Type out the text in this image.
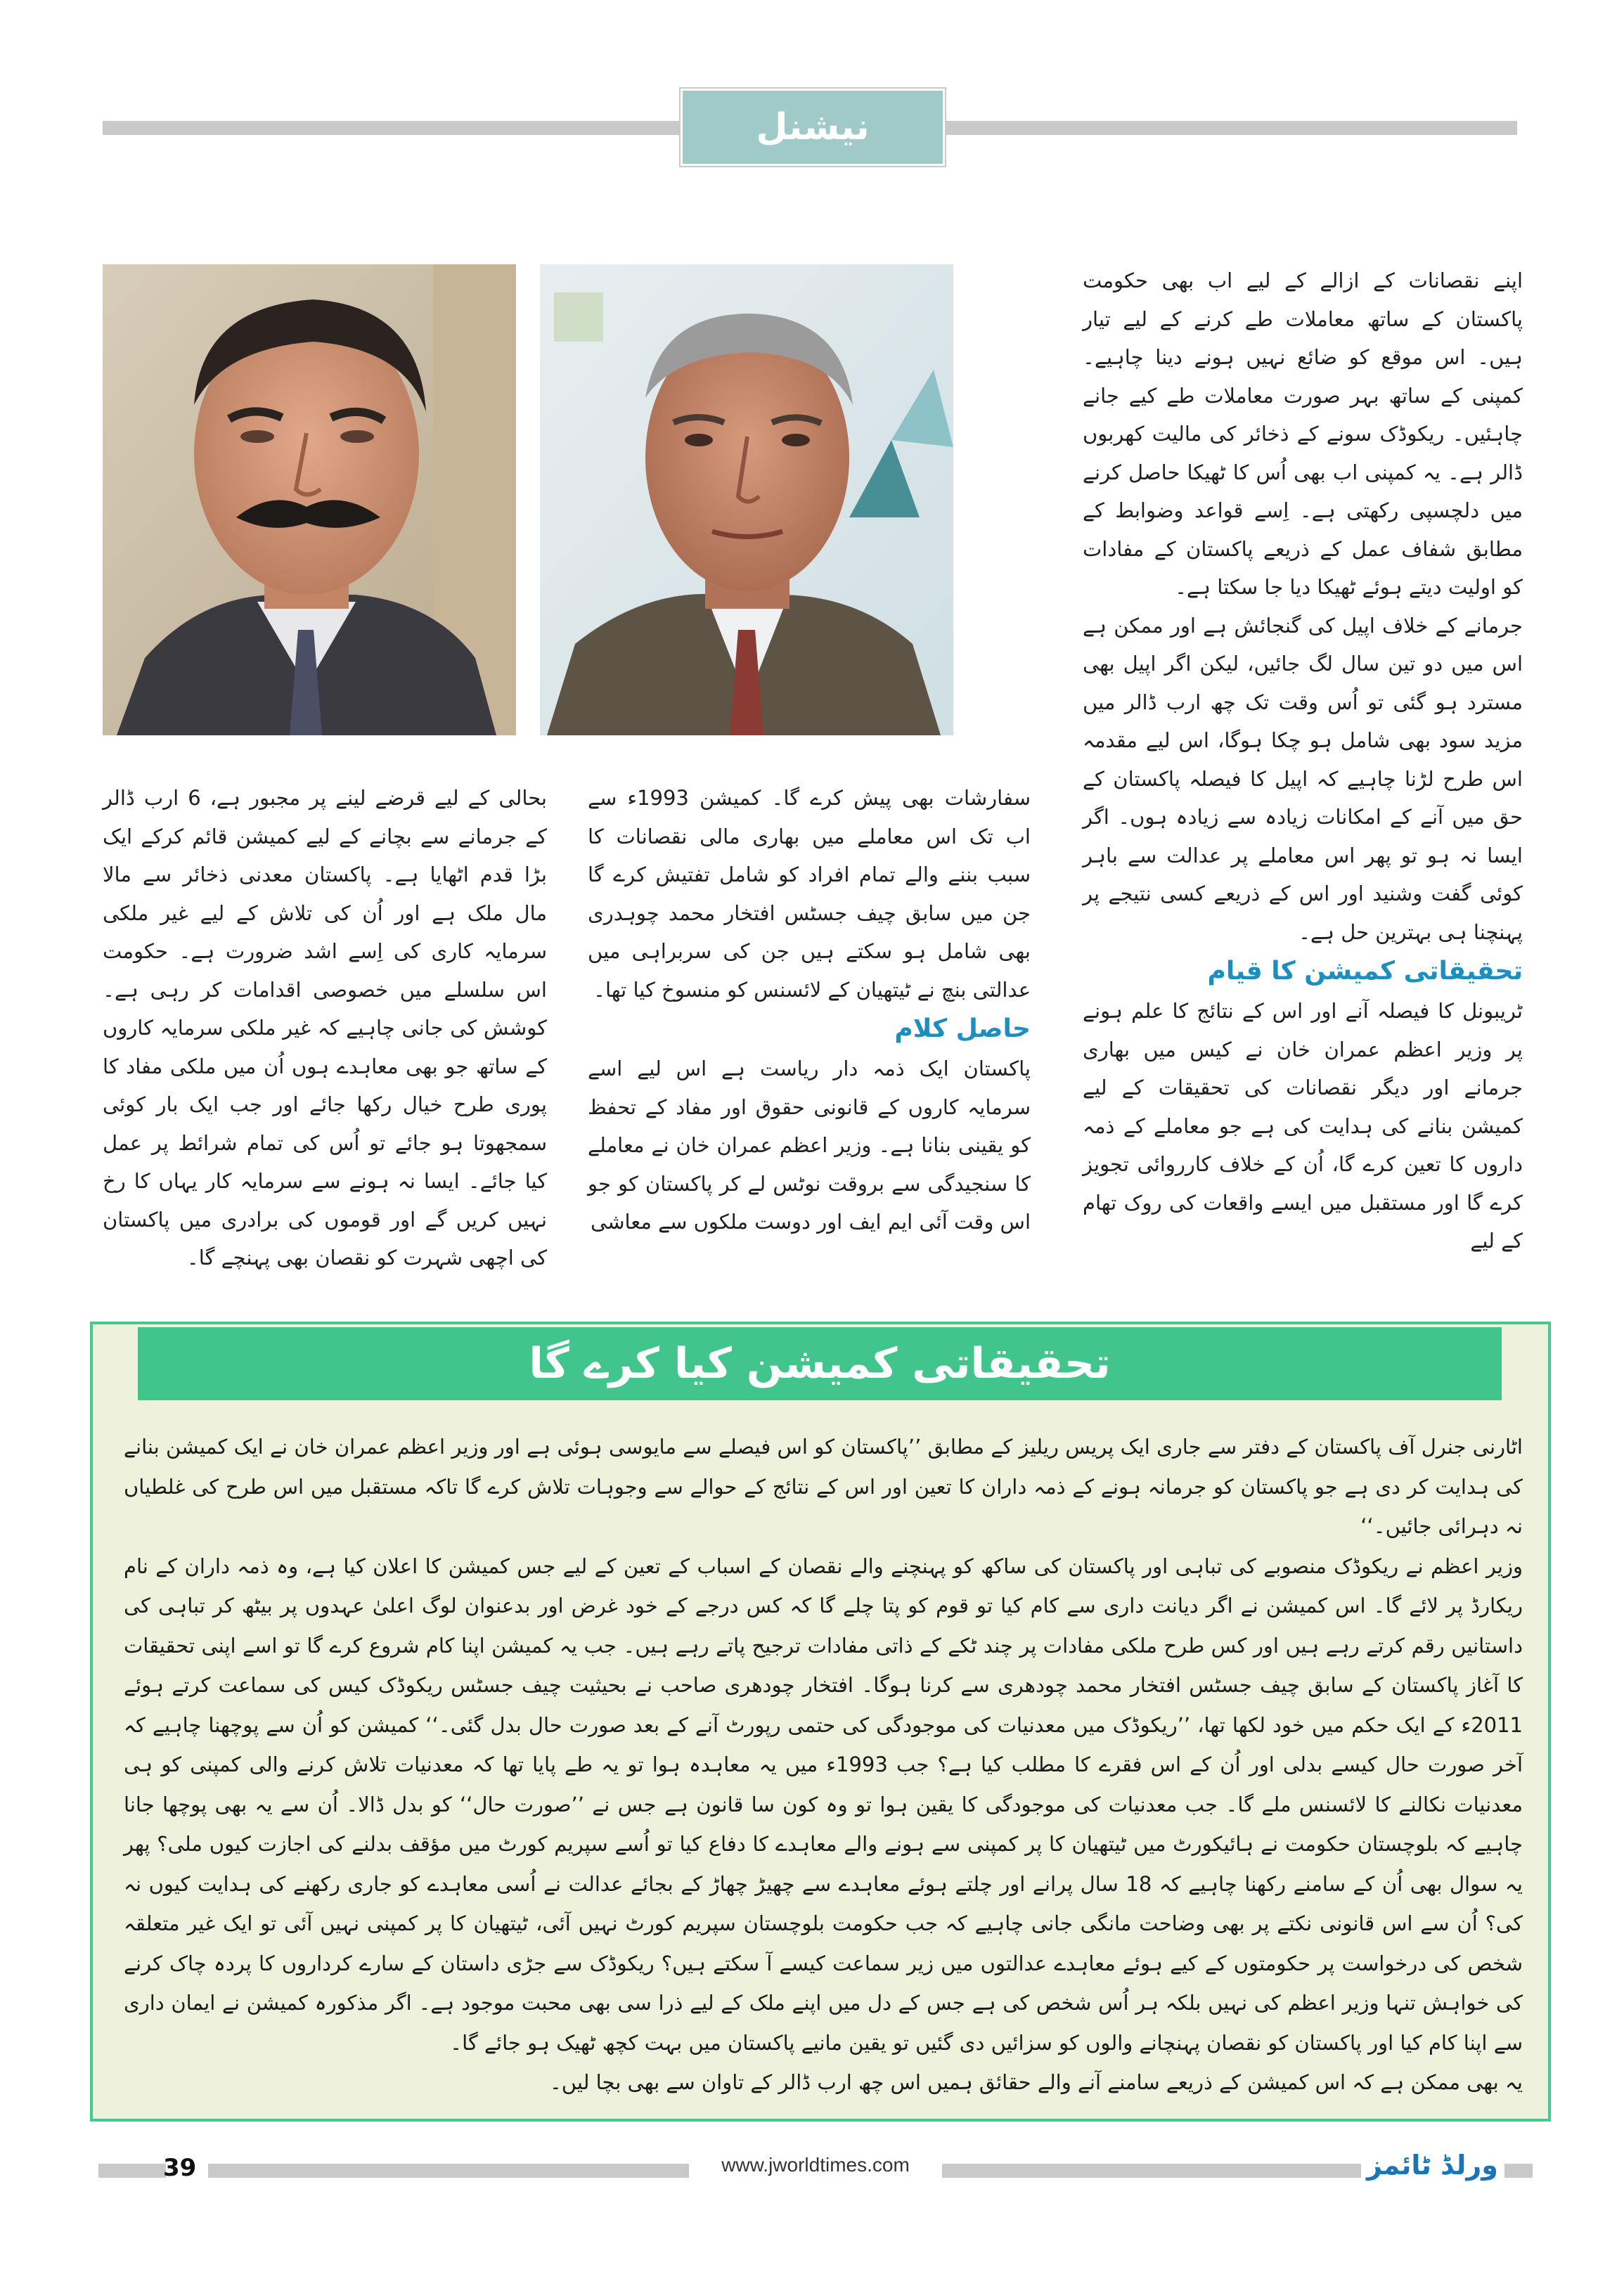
نیشنل

اپنے نقصانات کے ازالے کے لیے اب بھی حکومت پاکستان کے ساتھ معاملات طے کرنے کے لیے تیار ہیں۔ اس موقع کو ضائع نہیں ہونے دینا چاہیے۔ کمپنی کے ساتھ بہر صورت معاملات طے کیے جانے چاہئیں۔ ریکوڈک سونے کے ذخائر کی مالیت کھربوں ڈالر ہے۔ یہ کمپنی اب بھی اُس کا ٹھیکا حاصل کرنے میں دلچسپی رکھتی ہے۔ اِسے قواعد وضوابط کے مطابق شفاف عمل کے ذریعے پاکستان کے مفادات کو اولیت دیتے ہوئے ٹھیکا دیا جا سکتا ہے۔

جرمانے کے خلاف اپیل کی گنجائش ہے اور ممکن ہے اس میں دو تین سال لگ جائیں، لیکن اگر اپیل بھی مسترد ہو گئی تو اُس وقت تک چھ ارب ڈالر میں مزید سود بھی شامل ہو چکا ہوگا، اس لیے مقدمہ اس طرح لڑنا چاہیے کہ اپیل کا فیصلہ پاکستان کے حق میں آنے کے امکانات زیادہ سے زیادہ ہوں۔ اگر ایسا نہ ہو تو پھر اس معاملے پر عدالت سے باہر کوئی گفت وشنید اور اس کے ذریعے کسی نتیجے پر پہنچنا ہی بہترین حل ہے۔

تحقیقاتی کمیشن کا قیام

ٹریبونل کا فیصلہ آنے اور اس کے نتائج کا علم ہونے پر وزیر اعظم عمران خان نے کیس میں بھاری جرمانے اور دیگر نقصانات کی تحقیقات کے لیے کمیشن بنانے کی ہدایت کی ہے جو معاملے کے ذمہ داروں کا تعین کرے گا، اُن کے خلاف کارروائی تجویز کرے گا اور مستقبل میں ایسے واقعات کی روک تھام کے لیے

سفارشات بھی پیش کرے گا۔ کمیشن 1993ء سے اب تک اس معاملے میں بھاری مالی نقصانات کا سبب بننے والے تمام افراد کو شامل تفتیش کرے گا جن میں سابق چیف جسٹس افتخار محمد چوہدری بھی شامل ہو سکتے ہیں جن کی سربراہی میں عدالتی بنچ نے ٹیتھیان کے لائسنس کو منسوخ کیا تھا۔

حاصل کلام

پاکستان ایک ذمہ دار ریاست ہے اس لیے اسے سرمایہ کاروں کے قانونی حقوق اور مفاد کے تحفظ کو یقینی بنانا ہے۔ وزیر اعظم عمران خان نے معاملے کا سنجیدگی سے بروقت نوٹس لے کر پاکستان کو جو اس وقت آئی ایم ایف اور دوست ملکوں سے معاشی

بحالی کے لیے قرضے لینے پر مجبور ہے، 6 ارب ڈالر کے جرمانے سے بچانے کے لیے کمیشن قائم کرکے ایک بڑا قدم اٹھایا ہے۔ پاکستان معدنی ذخائر سے مالا مال ملک ہے اور اُن کی تلاش کے لیے غیر ملکی سرمایہ کاری کی اِسے اشد ضرورت ہے۔ حکومت اس سلسلے میں خصوصی اقدامات کر رہی ہے۔ کوشش کی جانی چاہیے کہ غیر ملکی سرمایہ کاروں کے ساتھ جو بھی معاہدے ہوں اُن میں ملکی مفاد کا پوری طرح خیال رکھا جائے اور جب ایک بار کوئی سمجھوتا ہو جائے تو اُس کی تمام شرائط پر عمل کیا جائے۔ ایسا نہ ہونے سے سرمایہ کار یہاں کا رخ نہیں کریں گے اور قوموں کی برادری میں پاکستان کی اچھی شہرت کو نقصان بھی پہنچے گا۔

تحقیقاتی کمیشن کیا کرے گا

اٹارنی جنرل آف پاکستان کے دفتر سے جاری ایک پریس ریلیز کے مطابق ’’پاکستان کو اس فیصلے سے مایوسی ہوئی ہے اور وزیر اعظم عمران خان نے ایک کمیشن بنانے کی ہدایت کر دی ہے جو پاکستان کو جرمانہ ہونے کے ذمہ داران کا تعین اور اس کے نتائج کے حوالے سے وجوہات تلاش کرے گا تاکہ مستقبل میں اس طرح کی غلطیاں نہ دہرائی جائیں۔‘‘

وزیر اعظم نے ریکوڈک منصوبے کی تباہی اور پاکستان کی ساکھ کو پہنچنے والے نقصان کے اسباب کے تعین کے لیے جس کمیشن کا اعلان کیا ہے، وہ ذمہ داران کے نام ریکارڈ پر لائے گا۔ اس کمیشن نے اگر دیانت داری سے کام کیا تو قوم کو پتا چلے گا کہ کس درجے کے خود غرض اور بدعنوان لوگ اعلیٰ عہدوں پر بیٹھ کر تباہی کی داستانیں رقم کرتے رہے ہیں اور کس طرح ملکی مفادات پر چند ٹکے کے ذاتی مفادات ترجیح پاتے رہے ہیں۔ جب یہ کمیشن اپنا کام شروع کرے گا تو اسے اپنی تحقیقات کا آغاز پاکستان کے سابق چیف جسٹس افتخار محمد چودھری سے کرنا ہوگا۔ افتخار چودھری صاحب نے بحیثیت چیف جسٹس ریکوڈک کیس کی سماعت کرتے ہوئے 2011ء کے ایک حکم میں خود لکھا تھا، ’’ریکوڈک میں معدنیات کی موجودگی کی حتمی رپورٹ آنے کے بعد صورت حال بدل گئی۔‘‘ کمیشن کو اُن سے پوچھنا چاہیے کہ آخر صورت حال کیسے بدلی اور اُن کے اس فقرے کا مطلب کیا ہے؟ جب 1993ء میں یہ معاہدہ ہوا تو یہ طے پایا تھا کہ معدنیات تلاش کرنے والی کمپنی کو ہی معدنیات نکالنے کا لائسنس ملے گا۔ جب معدنیات کی موجودگی کا یقین ہوا تو وہ کون سا قانون ہے جس نے ’’صورت حال‘‘ کو بدل ڈالا۔ اُن سے یہ بھی پوچھا جانا چاہیے کہ بلوچستان حکومت نے ہائیکورٹ میں ٹیتھیان کا پر کمپنی سے ہونے والے معاہدے کا دفاع کیا تو اُسے سپریم کورٹ میں مؤقف بدلنے کی اجازت کیوں ملی؟ پھر یہ سوال بھی اُن کے سامنے رکھنا چاہیے کہ 18 سال پرانے اور چلتے ہوئے معاہدے سے چھیڑ چھاڑ کے بجائے عدالت نے اُسی معاہدے کو جاری رکھنے کی ہدایت کیوں نہ کی؟ اُن سے اس قانونی نکتے پر بھی وضاحت مانگی جانی چاہیے کہ جب حکومت بلوچستان سپریم کورٹ نہیں آئی، ٹیتھیان کا پر کمپنی نہیں آئی تو ایک غیر متعلقہ شخص کی درخواست پر حکومتوں کے کیے ہوئے معاہدے عدالتوں میں زیر سماعت کیسے آ سکتے ہیں؟ ریکوڈک سے جڑی داستان کے سارے کرداروں کا پردہ چاک کرنے کی خواہش تنہا وزیر اعظم کی نہیں بلکہ ہر اُس شخص کی ہے جس کے دل میں اپنے ملک کے لیے ذرا سی بھی محبت موجود ہے۔ اگر مذکورہ کمیشن نے ایمان داری سے اپنا کام کیا اور پاکستان کو نقصان پہنچانے والوں کو سزائیں دی گئیں تو یقین مانیے پاکستان میں بہت کچھ ٹھیک ہو جائے گا۔

یہ بھی ممکن ہے کہ اس کمیشن کے ذریعے سامنے آنے والے حقائق ہمیں اس چھ ارب ڈالر کے تاوان سے بھی بچا لیں۔

39	www.jworldtimes.com	ورلڈ ٹائمز
